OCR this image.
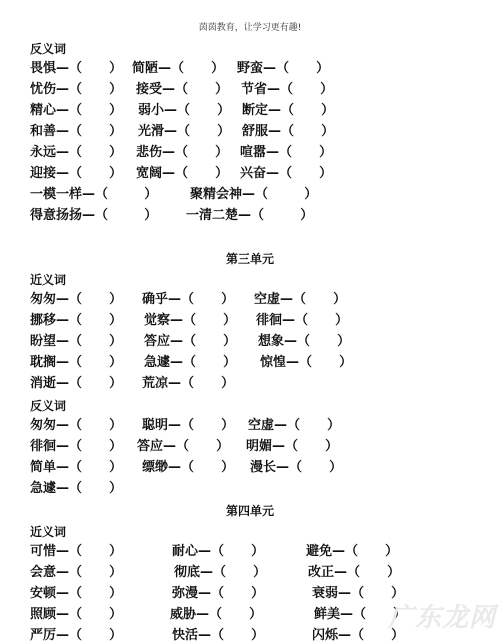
茵茵教育，让学习更有趣!
反义词
第三单元
近义词
反义词
第四单元
近义词
畏惧—（      ） 简陋—（      ） 野蛮—（      ）
忧伤—（      ） 接受—（      ） 节省—（      ）
精心—（      ） 弱小—（      ） 断定—（      ）
和善—（      ） 光滑—（      ） 舒服—（      ）
永远—（      ） 悲伤—（      ） 喧嚣—（      ）
迎接—（      ） 宽阔—（      ） 兴奋—（      ）
一模一样—（        ）	聚精会神—（        ）
得意扬扬—（        ） 一清二楚—（        ）
匆匆—（      ） 确乎—（      ） 空虚—（      ）
挪移—（      ） 觉察—（      ） 徘徊—（      ）
盼望—（      ） 答应—（      ） 想象—（      ）
耽搁—（      ） 急遽—（      ） 惊惶—（      ）
消逝—（      ） 荒凉—（      ）
匆匆—（      ） 聪明—（      ） 空虚—（      ）
徘徊—（      ） 答应—（      ） 明媚—（      ）
简单—（      ） 缥缈—（      ） 漫长—（      ）
急遽—（      ）
可惜—（      ）	耐心—（      ）	避免—（      ）
会意—（      ）	彻底—（      ）	改正—（      ）
安顿—（      ）	弥漫—（      ）	衰弱—（      ）
照顾—（      ）	威胁—（      ）	鲜美—（      ）
严厉—（      ）	快活—（      ）	闪烁—（      ）
广东龙网
